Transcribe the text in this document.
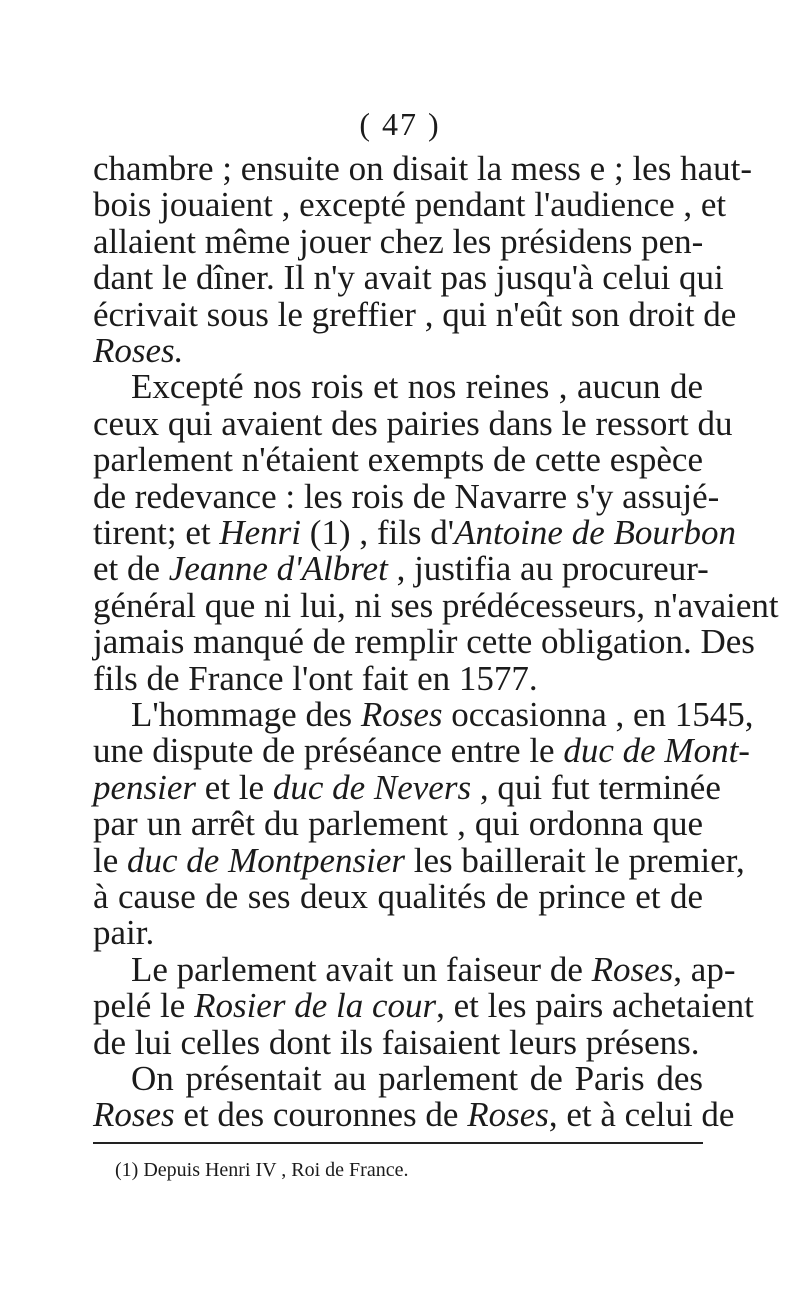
( 47 )
chambre ; ensuite on disait la mess e ; les haut-
bois jouaient , excepté pendant l'audience , et
allaient même jouer chez les présidens pen-
dant le dîner. Il n'y avait pas jusqu'à celui qui
écrivait sous le greffier , qui n'eût son droit de
Roses.
Excepté nos rois et nos reines , aucun de
ceux qui avaient des pairies dans le ressort du
parlement n'étaient exempts de cette espèce
de redevance : les rois de Navarre s'y assujé-
tirent; et Henri (1) , fils d'Antoine de Bourbon
et de Jeanne d'Albret , justifia au procureur-
général que ni lui, ni ses prédécesseurs, n'avaient
jamais manqué de remplir cette obligation. Des
fils de France l'ont fait en 1577.
L'hommage des Roses occasionna , en 1545,
une dispute de préséance entre le duc de Mont-
pensier et le duc de Nevers , qui fut terminée
par un arrêt du parlement , qui ordonna que
le duc de Montpensier les baillerait le premier,
à cause de ses deux qualités de prince et de
pair.
Le parlement avait un faiseur de Roses, ap-
pelé le Rosier de la cour, et les pairs achetaient
de lui celles dont ils faisaient leurs présens.
On présentait au parlement de Paris des
Roses et des couronnes de Roses, et à celui de
(1) Depuis Henri IV , Roi de France.
